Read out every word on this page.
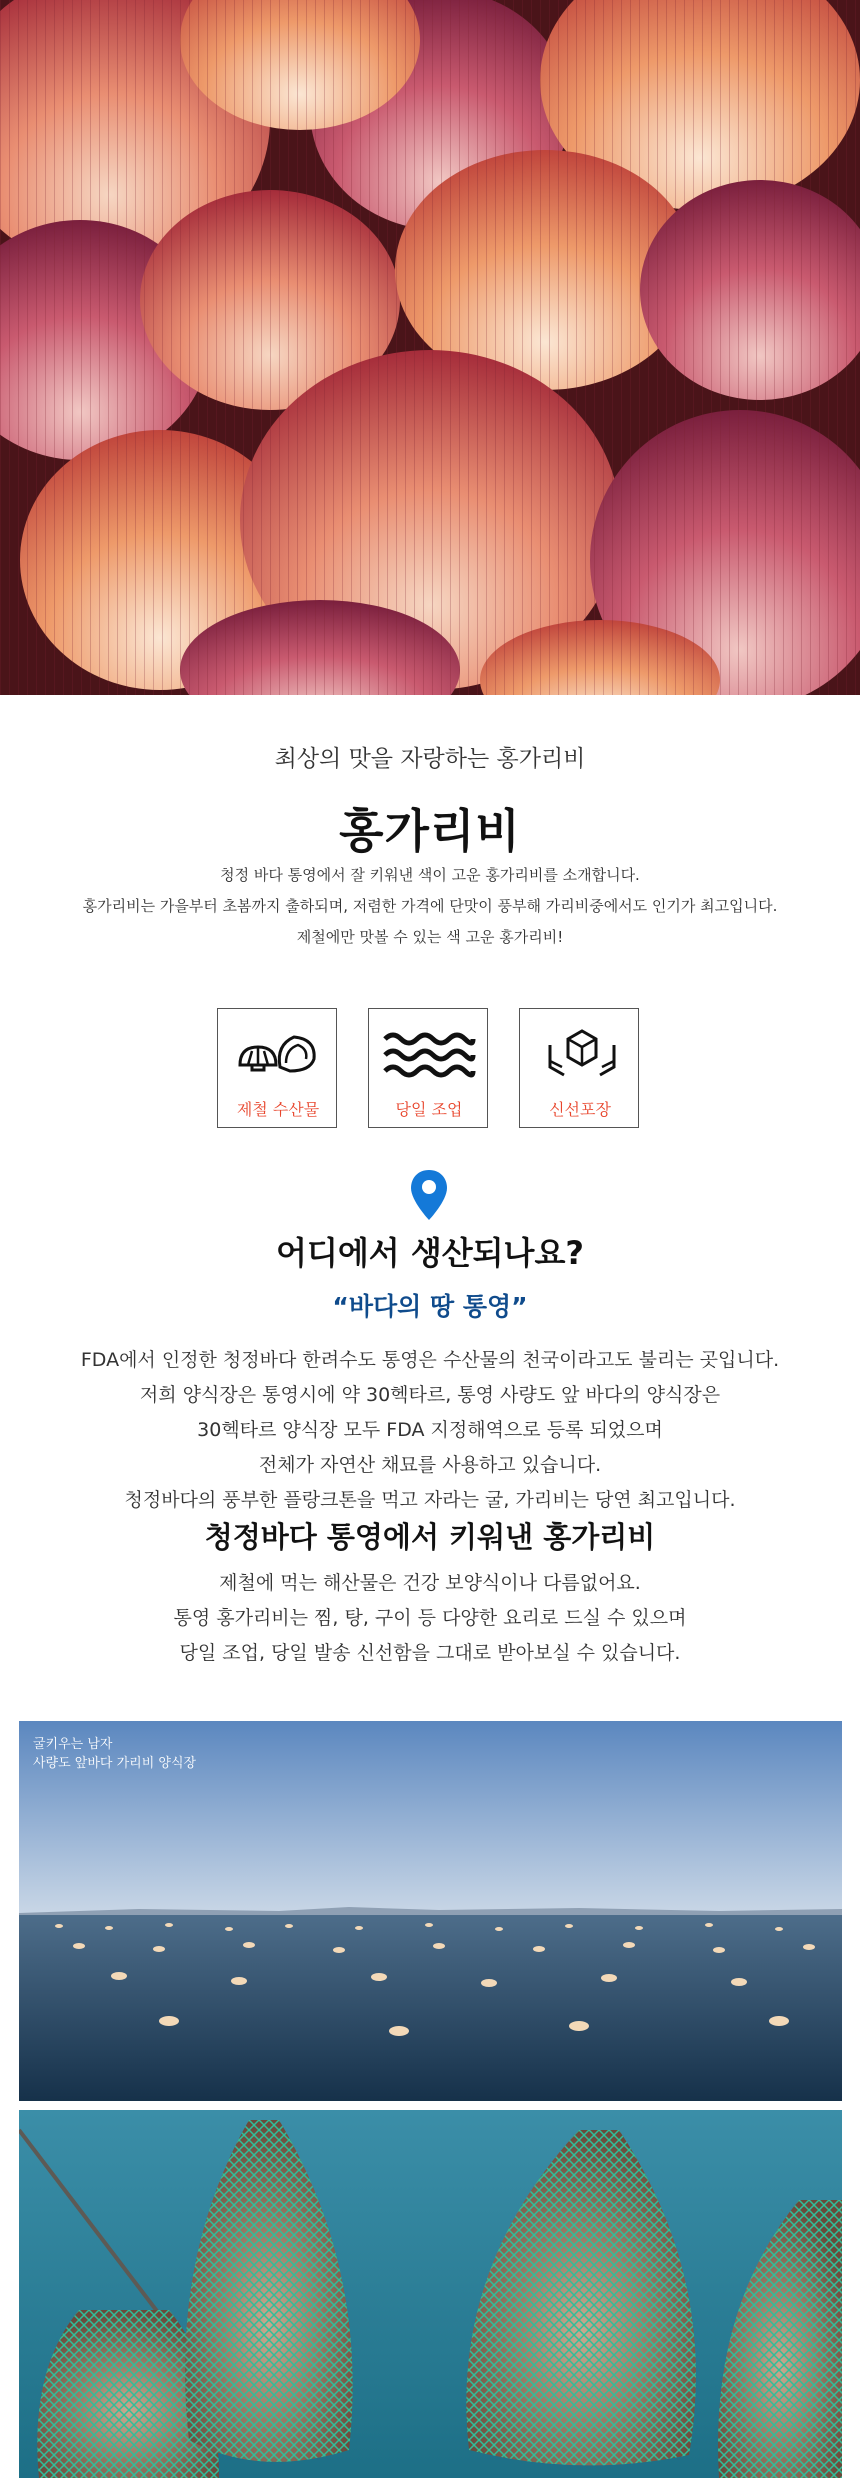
최상의 맛을 자랑하는 홍가리비
홍가리비
청정 바다 통영에서 잘 키워낸 색이 고운 홍가리비를 소개합니다.
홍가리비는 가을부터 초봄까지 출하되며, 저렴한 가격에 단맛이 풍부해 가리비중에서도 인기가 최고입니다.
제철에만 맛볼 수 있는 색 고운 홍가리비!
제철 수산물	당일 조업	신선포장
어디에서 생산되나요?
“바다의 땅 통영”
FDA에서 인정한 청정바다 한려수도 통영은 수산물의 천국이라고도 불리는 곳입니다.
저희 양식장은 통영시에 약 30헥타르, 통영 사량도 앞 바다의 양식장은
30헥타르 양식장 모두 FDA 지정해역으로 등록 되었으며
전체가 자연산 채묘를 사용하고 있습니다.
청정바다의 풍부한 플랑크톤을 먹고 자라는 굴, 가리비는 당연 최고입니다.
청정바다 통영에서 키워낸 홍가리비
제철에 먹는 해산물은 건강 보양식이나 다름없어요.
통영 홍가리비는 찜, 탕, 구이 등 다양한 요리로 드실 수 있으며
당일 조업, 당일 발송 신선함을 그대로 받아보실 수 있습니다.
굴키우는 남자
사량도 앞바다 가리비 양식장
